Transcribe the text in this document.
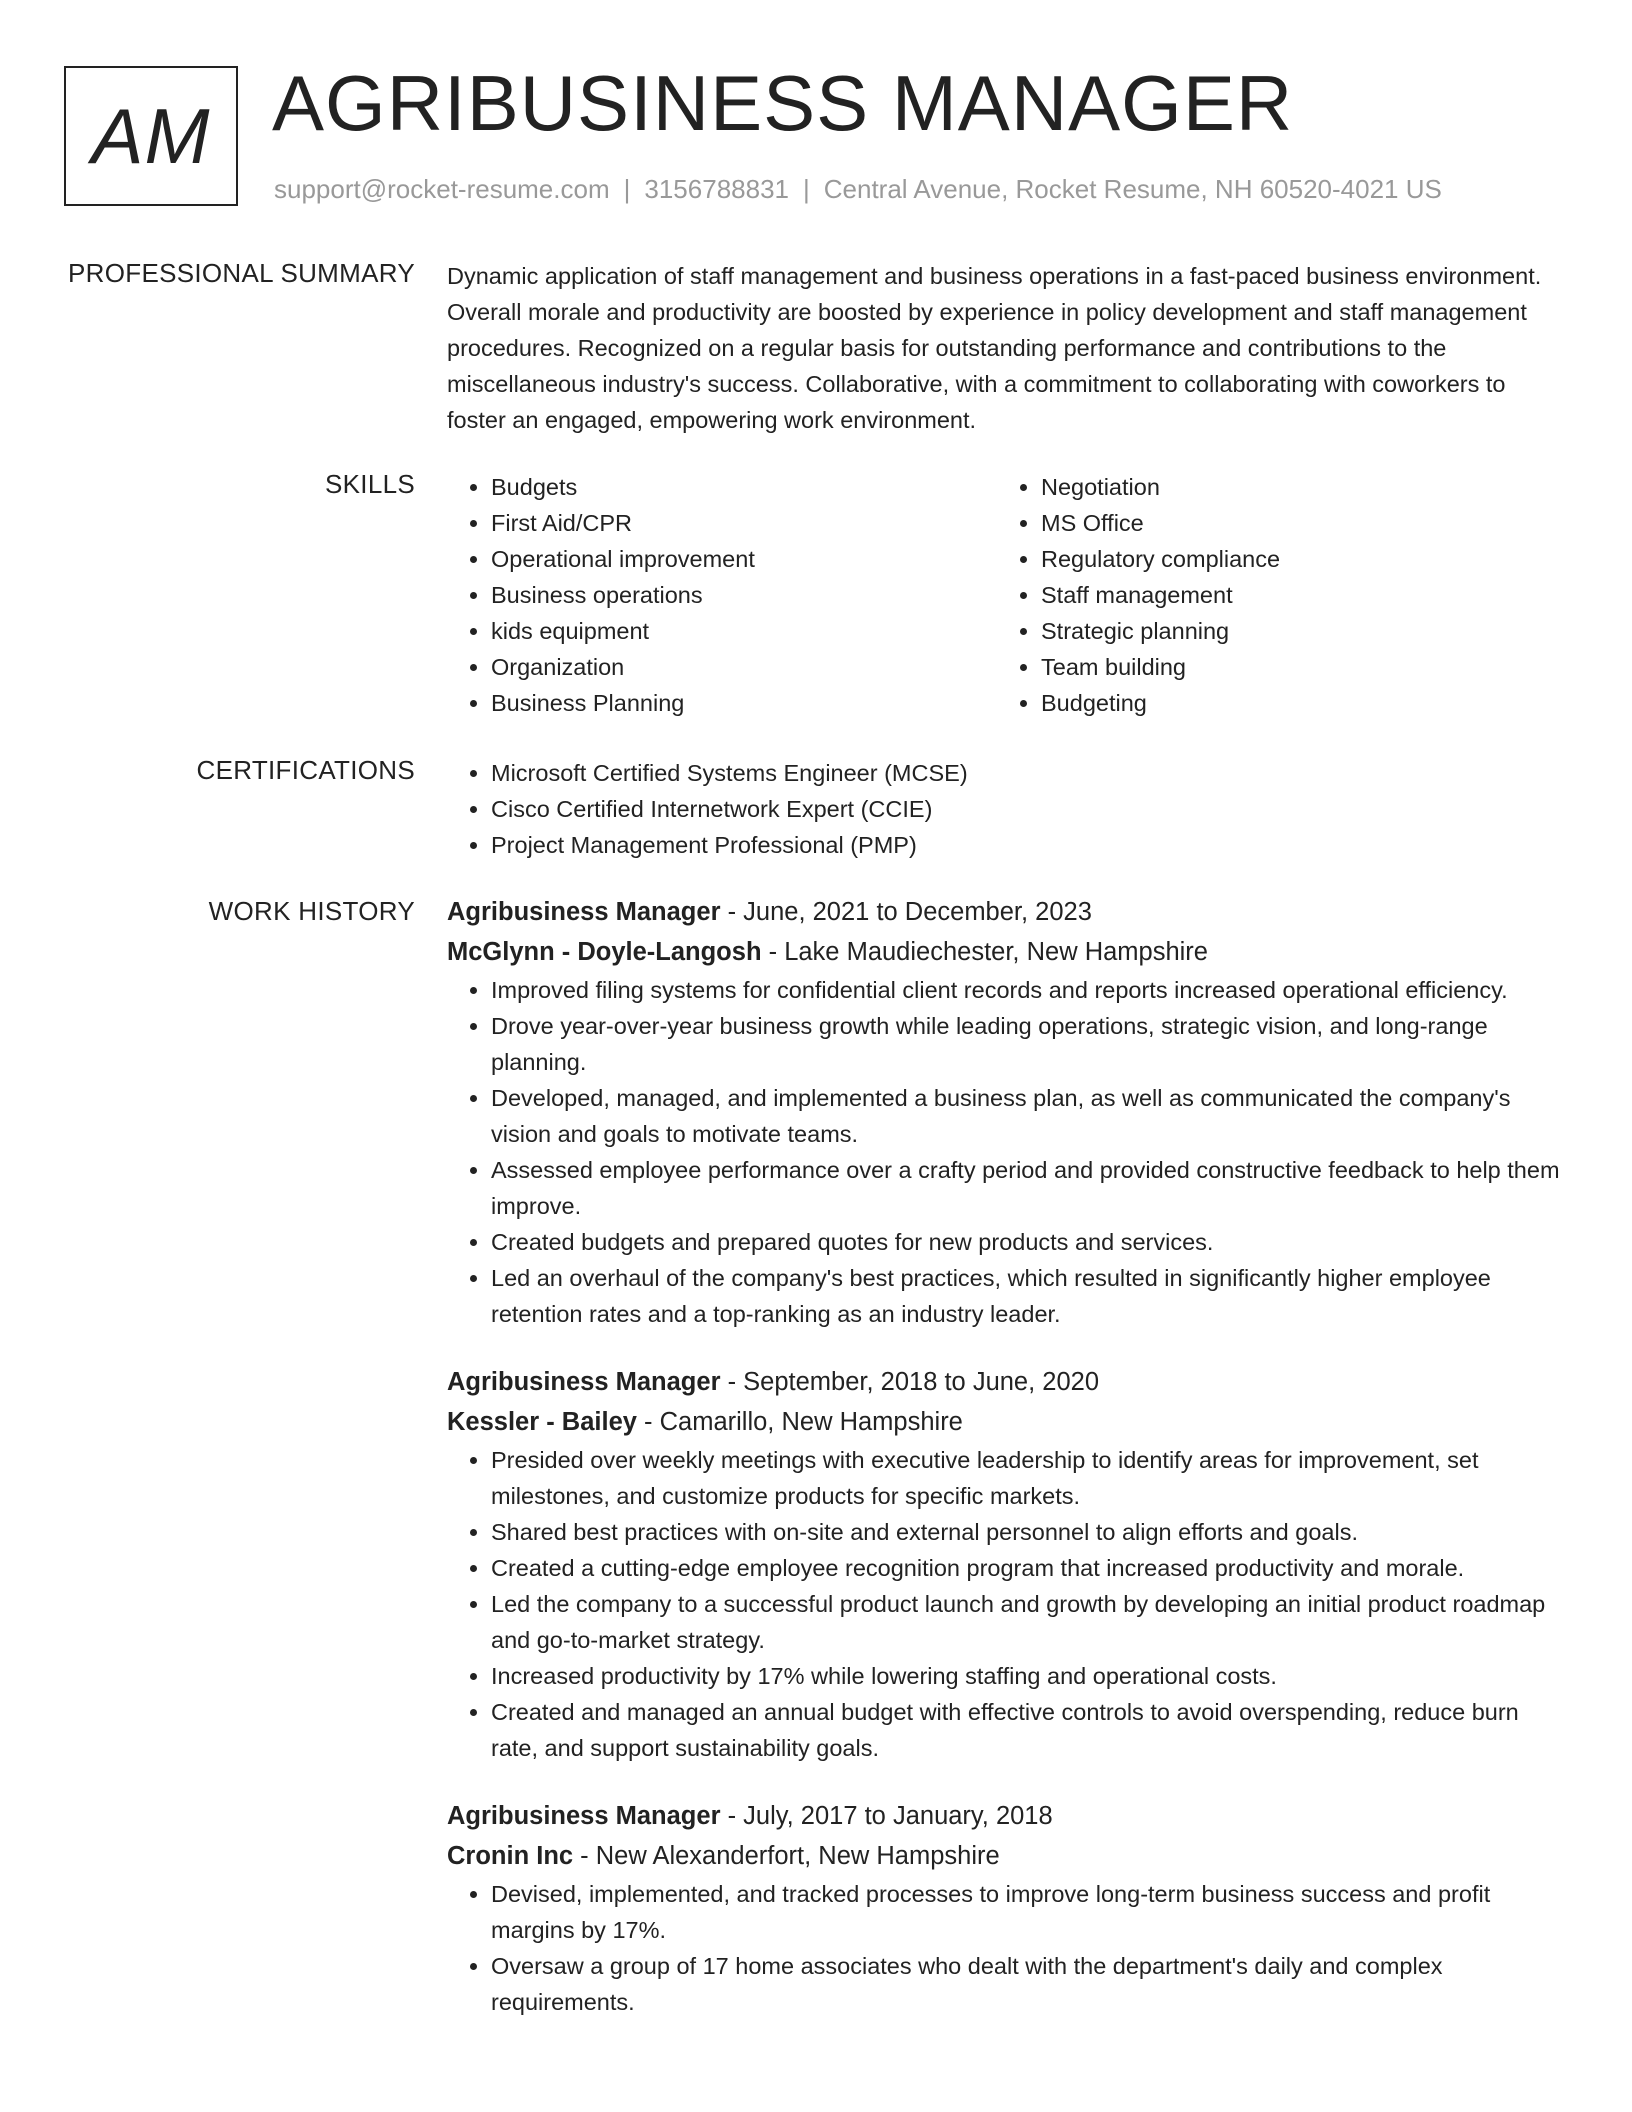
AM AGRIBUSINESS MANAGER
support@rocket-resume.com | 3156788831 | Central Avenue, Rocket Resume, NH 60520-4021 US
PROFESSIONAL SUMMARY Dynamic application of staff management and business operations in a fast-paced business environment. Overall morale and productivity are boosted by experience in policy development and staff management procedures. Recognized on a regular basis for outstanding performance and contributions to the miscellaneous industry's success. Collaborative, with a commitment to collaborating with coworkers to foster an engaged, empowering work environment.

SKILLS	• Budgets
• First Aid/CPR
• Operational improvement
• Business operations
• kids equipment
• Organization
• Business Planning
• Negotiation
• MS Office
• Regulatory compliance
• Staff management
• Strategic planning
• Team building
• Budgeting
CERTIFICATIONS	• Microsoft Certified Systems Engineer (MCSE)
• Cisco Certified Internetwork Expert (CCIE)
• Project Management Professional (PMP)
WORK HISTORY Agribusiness Manager - June, 2021 to December, 2023
McGlynn - Doyle-Langosh - Lake Maudiechester, New Hampshire
• Improved filing systems for confidential client records and reports increased operational efficiency.
• Drove year-over-year business growth while leading operations, strategic vision, and long-range planning.
• Developed, managed, and implemented a business plan, as well as communicated the company's vision and goals to motivate teams.
• Assessed employee performance over a crafty period and provided constructive feedback to help them improve.
• Created budgets and prepared quotes for new products and services.
• Led an overhaul of the company's best practices, which resulted in significantly higher employee retention rates and a top-ranking as an industry leader.
Agribusiness Manager - September, 2018 to June, 2020
Kessler - Bailey - Camarillo, New Hampshire
• Presided over weekly meetings with executive leadership to identify areas for improvement, set milestones, and customize products for specific markets.
• Shared best practices with on-site and external personnel to align efforts and goals.
• Created a cutting-edge employee recognition program that increased productivity and morale.
• Led the company to a successful product launch and growth by developing an initial product roadmap and go-to-market strategy.
• Increased productivity by 17% while lowering staffing and operational costs.
• Created and managed an annual budget with effective controls to avoid overspending, reduce burn rate, and support sustainability goals.
Agribusiness Manager - July, 2017 to January, 2018
Cronin Inc - New Alexanderfort, New Hampshire
• Devised, implemented, and tracked processes to improve long-term business success and profit margins by 17%.
• Oversaw a group of 17 home associates who dealt with the department's daily and complex requirements.
